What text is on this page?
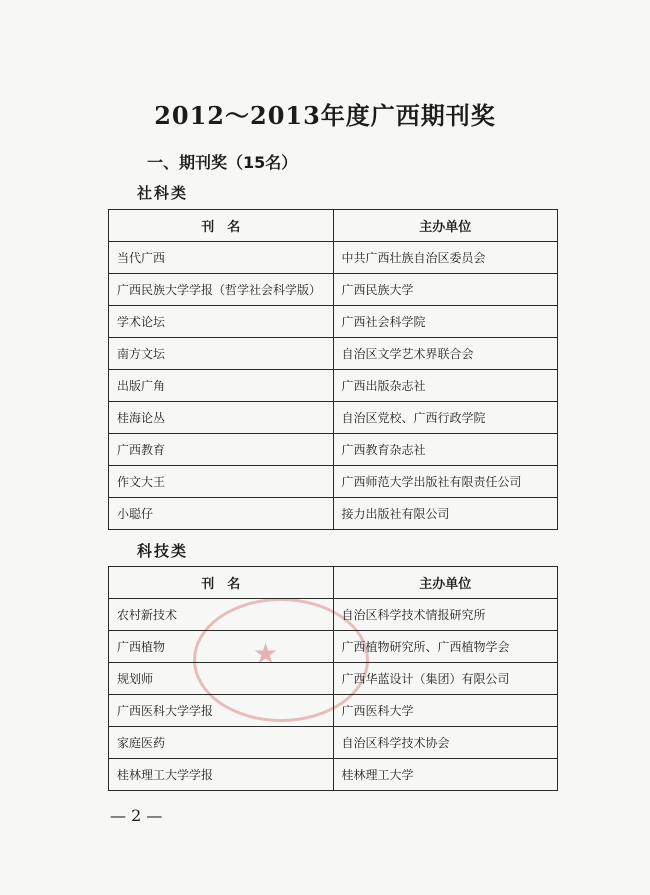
★
2012～2013年度广西期刊奖
一、期刊奖（15名）
社科类
刊　名	主办单位
当代广西	中共广西壮族自治区委员会
广西民族大学学报（哲学社会科学版）	广西民族大学
学术论坛	广西社会科学院
南方文坛	自治区文学艺术界联合会
出版广角	广西出版杂志社
桂海论丛	自治区党校、广西行政学院
广西教育	广西教育杂志社
作文大王	广西师范大学出版社有限责任公司
小聪仔	接力出版社有限公司
科技类
刊　名	主办单位
农村新技术	自治区科学技术情报研究所
广西植物	广西植物研究所、广西植物学会
规划师	广西华蓝设计（集团）有限公司
广西医科大学学报	广西医科大学
家庭医药	自治区科学技术协会
桂林理工大学学报	桂林理工大学
— 2 —
